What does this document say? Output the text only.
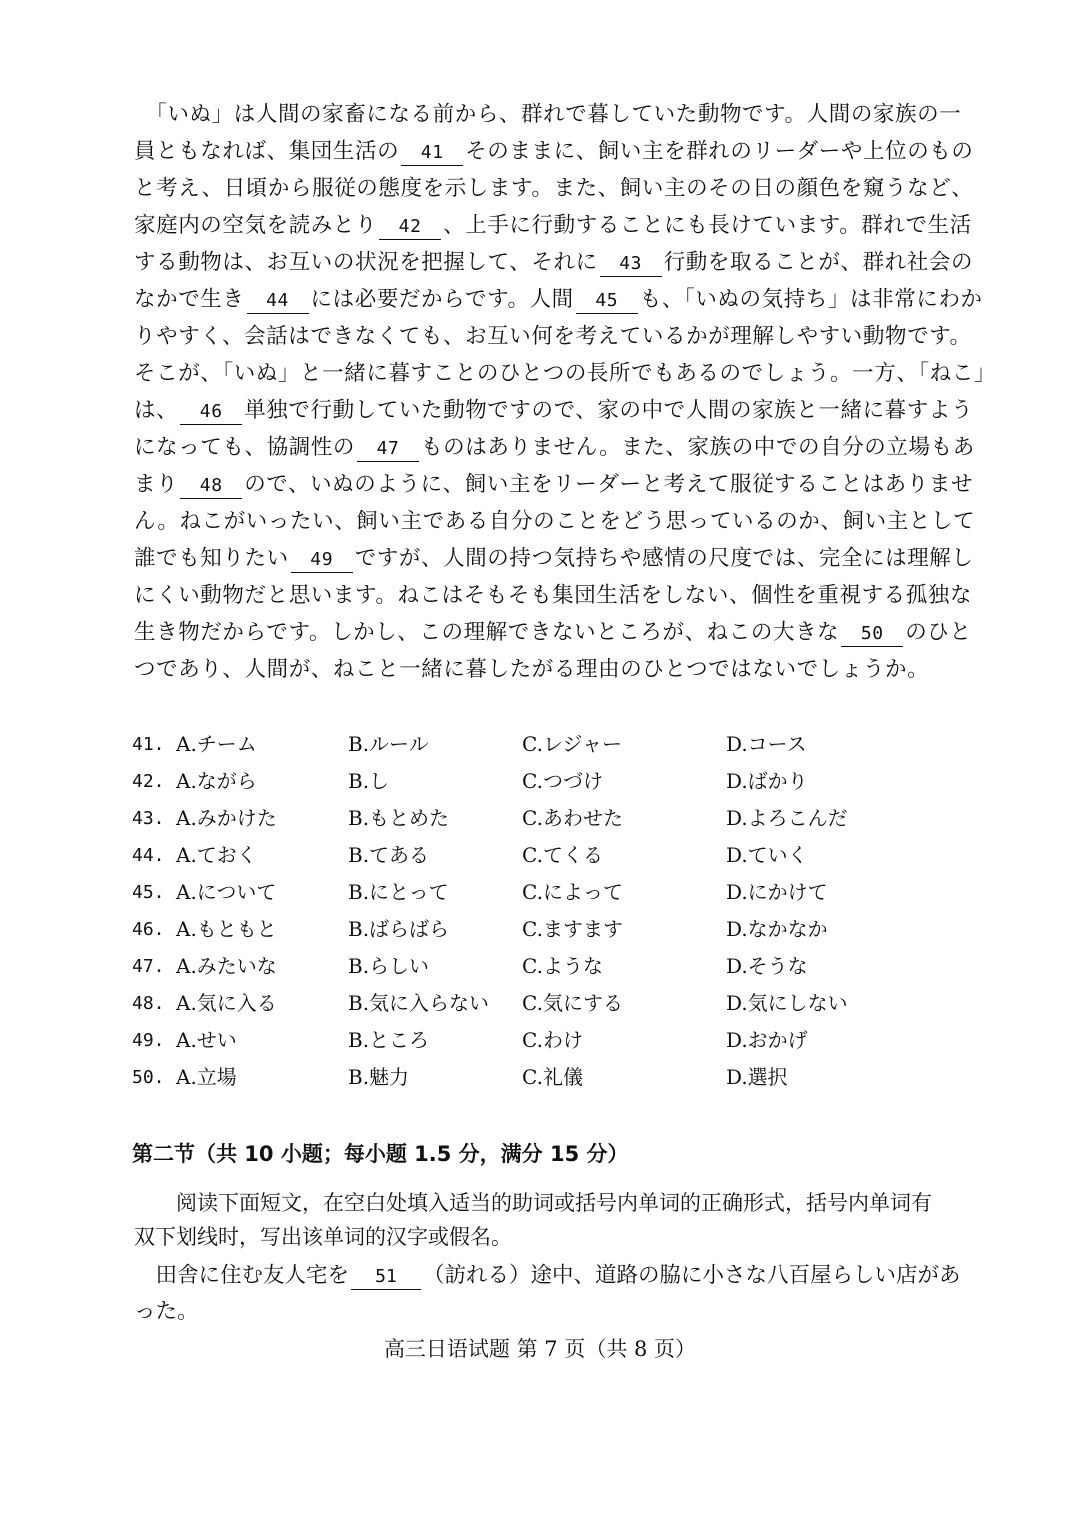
　「いぬ」は人間の家畜になる前から、群れで暮していた動物です。人間の家族の一
員ともなれば、集団生活の 41 そのままに、飼い主を群れのリーダーや上位のもの
と考え、日頃から服従の態度を示します。また、飼い主のその日の顔色を窺うなど、
家庭内の空気を読みとり 42 、上手に行動することにも長けています。群れで生活
する動物は、お互いの状況を把握して、それに 43 行動を取ることが、群れ社会の
なかで生き 44 には必要だからです。人間 45 も、「いぬの気持ち」は非常にわか
りやすく、会話はできなくても、お互い何を考えているかが理解しやすい動物です。
そこが、「いぬ」と一緒に暮すことのひとつの長所でもあるのでしょう。一方、「ねこ」
は、 46 単独で行動していた動物ですので、家の中で人間の家族と一緒に暮すよう
になっても、協調性の 47 ものはありません。また、家族の中での自分の立場もあ
まり 48 ので、いぬのように、飼い主をリーダーと考えて服従することはありませ
ん。ねこがいったい、飼い主である自分のことをどう思っているのか、飼い主として
誰でも知りたい 49 ですが、人間の持つ気持ちや感情の尺度では、完全には理解し
にくい動物だと思います。ねこはそもそも集団生活をしない、個性を重視する孤独な
生き物だからです。しかし、この理解できないところが、ねこの大きな 50 のひと
つであり、人間が、ねこと一緒に暮したがる理由のひとつではないでしょうか。
41. A.チーム	B.ルール	C.レジャー	D.コース
42. A.ながら	B.し	C.つづけ	D.ばかり
43. A.みかけた	B.もとめた	C.あわせた	D.よろこんだ
44. A.ておく	B.てある	C.てくる	D.ていく
45. A.について	B.にとって	C.によって	D.にかけて
46. A.もともと	B.ばらばら	C.ますます	D.なかなか
47. A.みたいな	B.らしい	C.ような	D.そうな
48. A.気に入る	B.気に入らない C.気にする	D.気にしない
49. A.せい	B.ところ	C.わけ	D.おかげ
50. A.立場	B.魅力	C.礼儀	D.選択
第二节（共 10 小题；每小题 1.5 分，满分 15 分）
　　阅读下面短文，在空白处填入适当的助词或括号内单词的正确形式，括号内单词有
双下划线时，写出该单词的汉字或假名。
　田舎に住む友人宅を 51 （訪れる）途中、道路の脇に小さな八百屋らしい店があ
った。
高三日语试题 第 7 页（共 8 页）
